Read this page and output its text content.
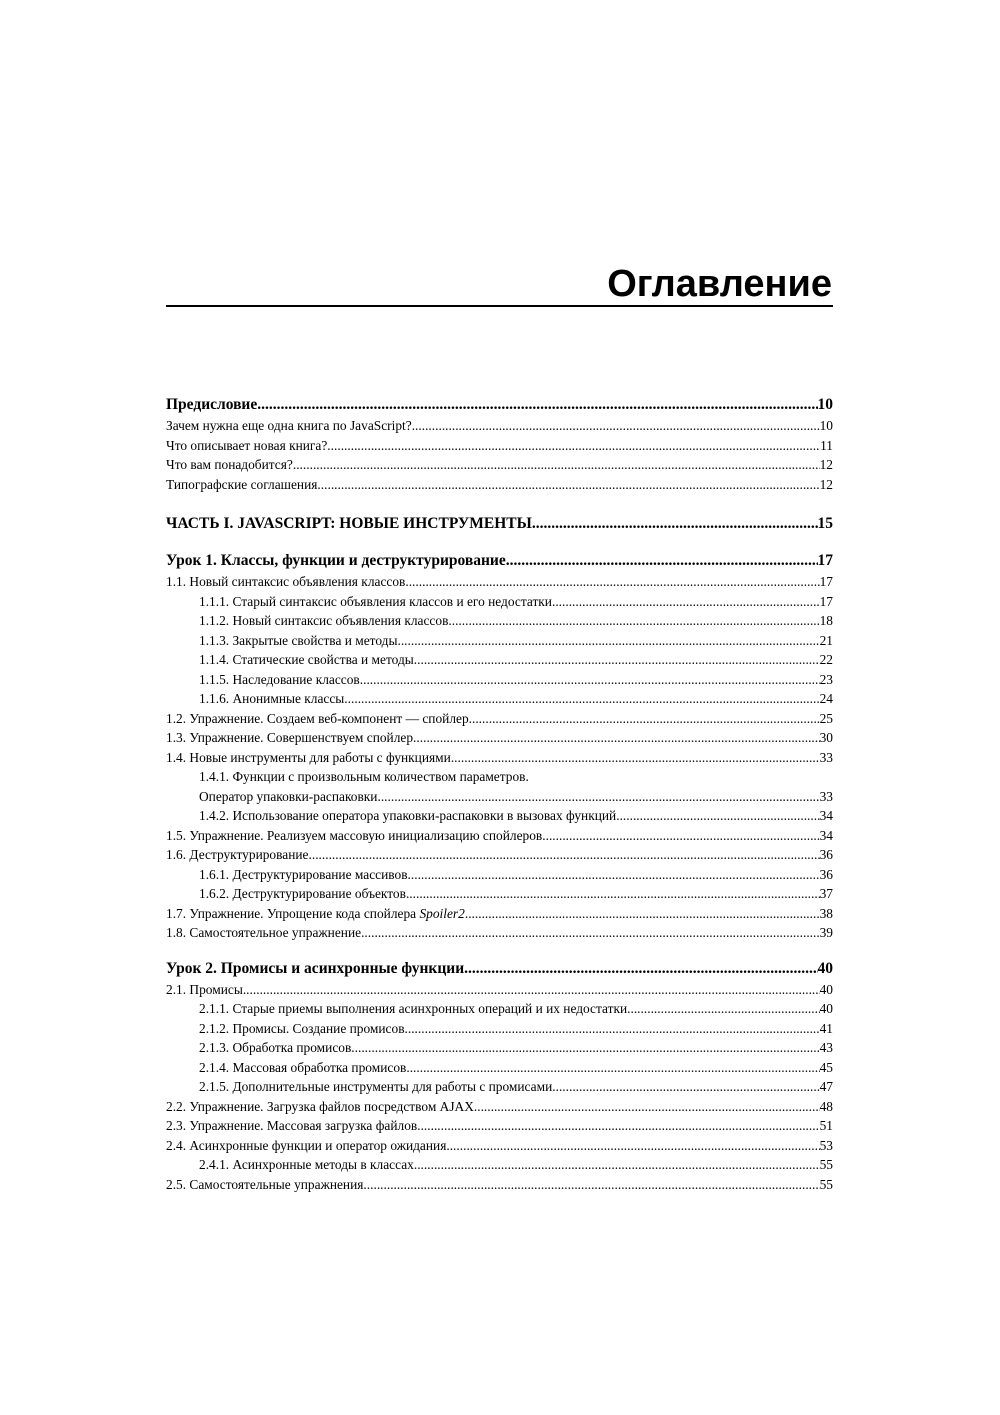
Оглавление
Предисловие .....	10
Зачем нужна еще одна книга по JavaScript? .....	10
Что описывает новая книга? .....	11
Что вам понадобится? .....	12
Типографские соглашения .....	12
ЧАСТЬ I. JAVASCRIPT: НОВЫЕ ИНСТРУМЕНТЫ .....	15
Урок 1. Классы, функции и деструктурирование .....	17
1.1. Новый синтаксис объявления классов .....	17
1.1.1. Старый синтаксис объявления классов и его недостатки .....	17
1.1.2. Новый синтаксис объявления классов .....	18
1.1.3. Закрытые свойства и методы .....	21
1.1.4. Статические свойства и методы .....	22
1.1.5. Наследование классов .....	23
1.1.6. Анонимные классы .....	24
1.2. Упражнение. Создаем веб-компонент — спойлер .....	25
1.3. Упражнение. Совершенствуем спойлер .....	30
1.4. Новые инструменты для работы с функциями .....	33
1.4.1. Функции с произвольным количеством параметров.
Оператор упаковки-распаковки .....	33
1.4.2. Использование оператора упаковки-распаковки в вызовах функций .....	34
1.5. Упражнение. Реализуем массовую инициализацию спойлеров .....	34
1.6. Деструктурирование .....	36
1.6.1. Деструктурирование массивов .....	36
1.6.2. Деструктурирование объектов .....	37
1.7. Упражнение. Упрощение кода спойлера Spoiler2 .....	38
1.8. Самостоятельное упражнение .....	39
Урок 2. Промисы и асинхронные функции .....	40
2.1. Промисы .....	40
2.1.1. Старые приемы выполнения асинхронных операций и их недостатки .....	40
2.1.2. Промисы. Создание промисов .....	41
2.1.3. Обработка промисов .....	43
2.1.4. Массовая обработка промисов .....	45
2.1.5. Дополнительные инструменты для работы с промисами .....	47
2.2. Упражнение. Загрузка файлов посредством AJAX .....	48
2.3. Упражнение. Массовая загрузка файлов .....	51
2.4. Асинхронные функции и оператор ожидания .....	53
2.4.1. Асинхронные методы в классах .....	55
2.5. Самостоятельные упражнения .....	55
